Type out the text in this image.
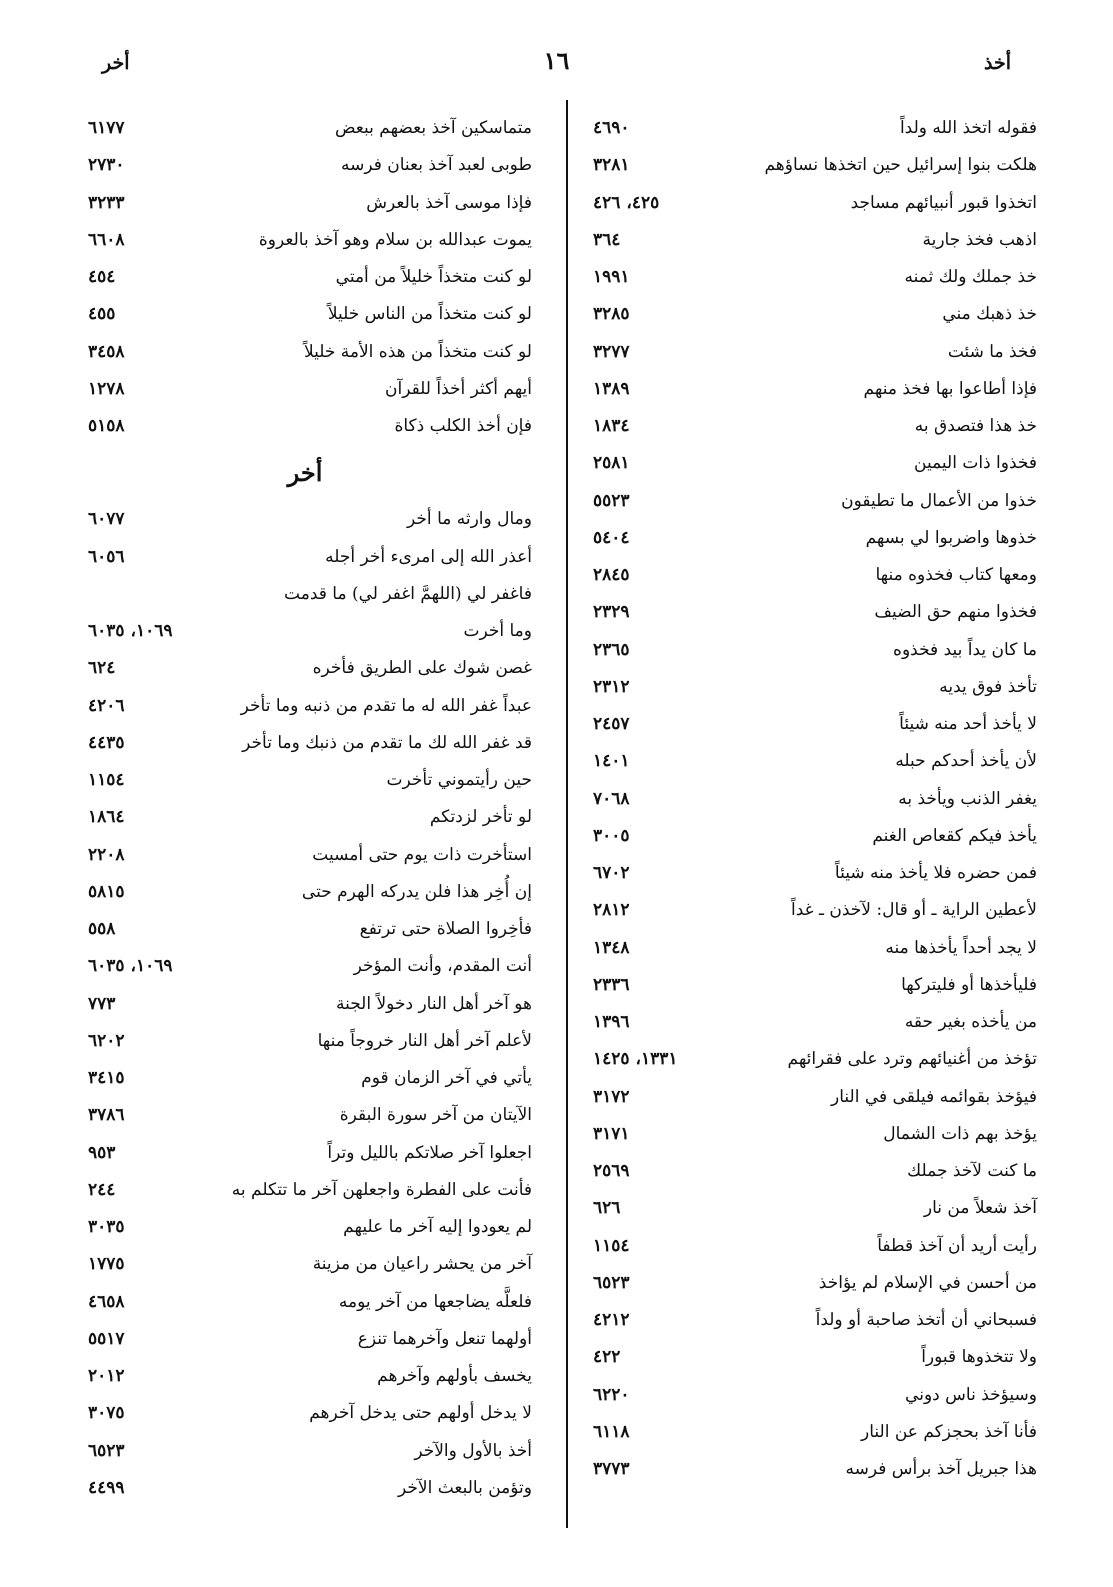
أخذ
١٦
أخر
فقوله اتخذ الله ولداً
٤٦٩٠
هلكت بنوا إسرائيل حين اتخذها نساؤهم
٣٢٨١
اتخذوا قبور أنبيائهم مساجد
٤٢٥، ٤٢٦
اذهب فخذ جارية
٣٦٤
خذ جملك ولك ثمنه
١٩٩١
خذ ذهبك مني
٣٢٨٥
فخذ ما شئت
٣٢٧٧
فإذا أطاعوا بها فخذ منهم
١٣٨٩
خذ هذا فتصدق به
١٨٣٤
فخذوا ذات اليمين
٢٥٨١
خذوا من الأعمال ما تطيقون
٥٥٢٣
خذوها واضربوا لي بسهم
٥٤٠٤
ومعها كتاب فخذوه منها
٢٨٤٥
فخذوا منهم حق الضيف
٢٣٢٩
ما كان يداً بيد فخذوه
٢٣٦٥
تأخذ فوق يديه
٢٣١٢
لا يأخذ أحد منه شيئاً
٢٤٥٧
لأن يأخذ أحدكم حبله
١٤٠١
يغفر الذنب ويأخذ به
٧٠٦٨
يأخذ فيكم كقعاص الغنم
٣٠٠٥
فمن حضره فلا يأخذ منه شيئاً
٦٧٠٢
لأعطين الراية ـ أو قال: لآخذن ـ غداً
٢٨١٢
لا يجد أحداً يأخذها منه
١٣٤٨
فليأخذها أو فليتركها
٢٣٣٦
من يأخذه بغير حقه
١٣٩٦
تؤخذ من أغنيائهم وترد على فقرائهم
١٣٣١، ١٤٢٥
فيؤخذ بقوائمه فيلقى في النار
٣١٧٢
يؤخذ بهم ذات الشمال
٣١٧١
ما كنت لآخذ جملك
٢٥٦٩
آخذ شعلاً من نار
٦٢٦
رأيت أريد أن آخذ قطفاً
١١٥٤
من أحسن في الإسلام لم يؤاخذ
٦٥٢٣
فسبحاني أن أتخذ صاحبة أو ولداً
٤٢١٢
ولا تتخذوها قبوراً
٤٢٢
وسيؤخذ ناس دوني
٦٢٢٠
فأنا آخذ بحجزكم عن النار
٦١١٨
هذا جبريل آخذ برأس فرسه
٣٧٧٣
متماسكين آخذ بعضهم ببعض
٦١٧٧
طوبى لعبد آخذ بعنان فرسه
٢٧٣٠
فإذا موسى آخذ بالعرش
٣٢٣٣
يموت عبدالله بن سلام وهو آخذ بالعروة
٦٦٠٨
لو كنت متخذاً خليلاً من أمتي
٤٥٤
لو كنت متخذاً من الناس خليلاً
٤٥٥
لو كنت متخذاً من هذه الأمة خليلاً
٣٤٥٨
أيهم أكثر أخذاً للقرآن
١٢٧٨
فإن أخذ الكلب ذكاة
٥١٥٨
أخر
ومال وارثه ما أخر
٦٠٧٧
أعذر الله إلى امرىء أخر أجله
٦٠٥٦
فاغفر لي (اللهمَّ اغفر لي) ما قدمت
وما أخرت
١٠٦٩، ٦٠٣٥
غصن شوك على الطريق فأخره
٦٢٤
عبداً غفر الله له ما تقدم من ذنبه وما تأخر
٤٢٠٦
قد غفر الله لك ما تقدم من ذنبك وما تأخر
٤٤٣٥
حين رأيتموني تأخرت
١١٥٤
لو تأخر لزدتكم
١٨٦٤
استأخرت ذات يوم حتى أمسيت
٢٢٠٨
إن أُخِر هذا فلن يدركه الهرم حتى
٥٨١٥
فأخِروا الصلاة حتى ترتفع
٥٥٨
أنت المقدم، وأنت المؤخر
١٠٦٩، ٦٠٣٥
هو آخر أهل النار دخولاً الجنة
٧٧٣
لأعلم آخر أهل النار خروجاً منها
٦٢٠٢
يأتي في آخر الزمان قوم
٣٤١٥
الآيتان من آخر سورة البقرة
٣٧٨٦
اجعلوا آخر صلاتكم بالليل وتراً
٩٥٣
فأنت على الفطرة واجعلهن آخر ما تتكلم به
٢٤٤
لم يعودوا إليه آخر ما عليهم
٣٠٣٥
آخر من يحشر راعيان من مزينة
١٧٧٥
فلعلَّه يضاجعها من آخر يومه
٤٦٥٨
أولهما تنعل وآخرهما تنزع
٥٥١٧
يخسف بأولهم وآخرهم
٢٠١٢
لا يدخل أولهم حتى يدخل آخرهم
٣٠٧٥
أخذ بالأول والآخر
٦٥٢٣
وتؤمن بالبعث الآخر
٤٤٩٩
